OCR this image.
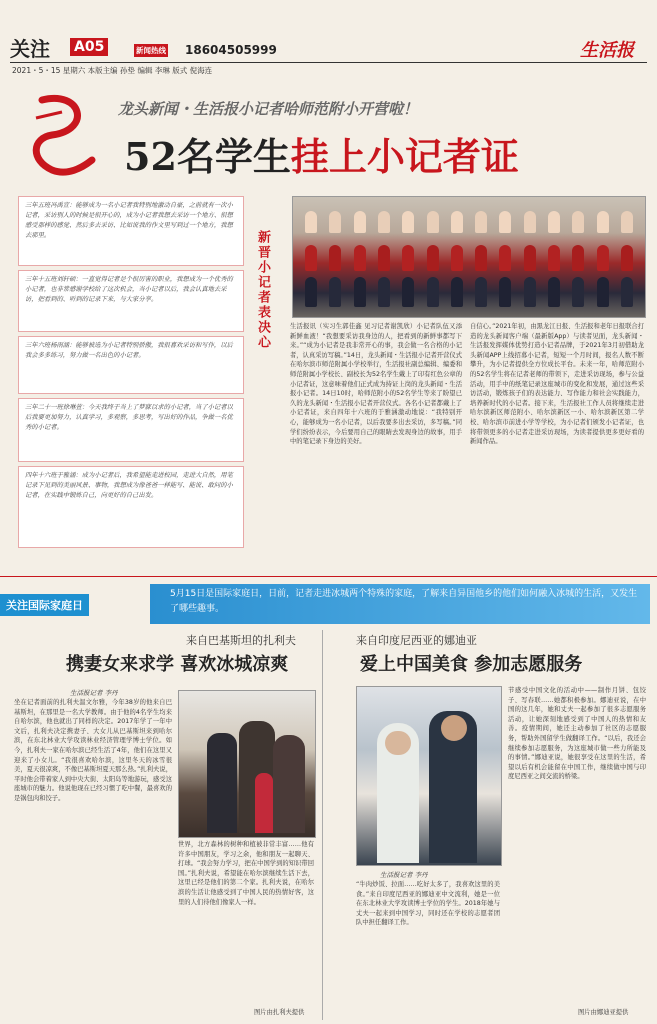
关注 A05	新闻热线 18604505999	生活报
2021・5・15 星期六 本版主编 孙垫 编辑 李琳 版式 倪海连
龙头新闻・生活报小记者哈师范附小开营啦！
52名学生挂上小记者证
三年五班冯禹宣：能够成为一名小记者我特别地激动自豪，之前就有一次小记者，采访别人的时候是很开心的，成为小记者我想去采访一个地方、很想感受那样的感觉、然后多去采访、比如说我的作文里写到过一个地方，我想去那里。
三年十五班刘轩硕：一直觉得记者是个很厉害的职业，我想成为一个优秀的小记者，也非常感谢学校给了这次机会，当小记者以后，我会认真地去采访，把看到的、听到的记录下来，与大家分享。
三年六班杨雨涵：能够被选为小记者特别骄傲，我很喜欢采访和写作，以后我会多多练习，努力做一名出色的小记者。
三年二十一班徐琳萱：今天我终于当上了梦寐以求的小记者，当了小记者以后我要更加努力，认真学习，多观察，多思考，写出好的作品，争做一名优秀的小记者。
四年十六班于雅涵：成为小记者后，我希望能走进校园，走进大自然，用笔记录下见到的美丽风景、事物，我想成为像爸爸一样能写、能说、敢问的小记者，在实践中锻炼自己，向更好的自己出发。
新晋小记者表决心	生活报讯（实习生郭佳鑫 见习记者谢凯欣）小记者队伍又添新鲜血液！“我想要采访我身边的人，把看到的新鲜事都写下来。”“成为小记者是我非常开心的事，我会做一名合格的小记者，认真采访写稿。”14日，龙头新闻・生活报小记者开营仪式在哈尔滨市师范附属小学校举行，生活报社副总编辑、编委和师范附属小学校长、副校长为52名学生戴上了印有红色公章的小记者证，这意味着他们正式成为持证上岗的龙头新闻・生活报小记者。14日10时，哈师范附小的52名学生等来了盼望已久的龙头新闻・生活报小记者开营仪式。各名小记者都戴上了小记者证，来自四年十六班的于雅涵激动地说：“我特别开心，能够成为一名小记者，以后我要多出去采访，多写稿。”同学们纷纷表示，今后要用自己的眼睛去发现身边的故事，用手中的笔记录下身边的美好。
自信心。”2021年初，由黑龙江日报、生活报和老年日报联合打造的龙头新闻客户端（最新版App）与读者见面，龙头新闻・生活报发挥媒体优势打造小记者品牌，于2021年3月初借助龙头新闻APP上线招募小记者，短短一个月时间，报名人数不断攀升，为小记者提供全方位成长平台。未来一年，哈师范附小的52名学生将在记者老师的带领下，走进采访现场，参与公益活动，用手中的纸笔记录这座城市的变化和发展，通过这些采访活动，锻炼孩子们的表达能力、写作能力和社会实践能力，培养新时代的小记者。接下来，生活报社工作人员将继续走进哈尔滨新区师范附小、哈尔滨新区一小、哈尔滨新区第二学校、哈尔滨市前进小学等学校，为小记者们颁发小记者证，也将带领更多的小记者走进采访现场，为读者提供更多更好看的新闻作品。
关注国际家庭日
5月15日是国际家庭日，日前，记者走进冰城两个特殊的家庭，了解来自异国他乡的他们如何融入冰城的生活，又发生了哪些趣事。
来自巴基斯坦的扎利夫
携妻女来求学 喜欢冰城凉爽
生活报记者 李丹
坐在记者面前的扎利夫温文尔雅，今年38岁的他来自巴基斯坦，在那里是一名大学教师。由于他的4名学生均来自哈尔滨，他也就出了同样的决定。2017年学了一年中文后，扎利夫决定携妻子、大女儿从巴基斯坦来到哈尔滨，在东北林业大学攻读林业经济管理学博士学位。如今，扎利夫一家在哈尔滨已经生活了4年，他们在这里又迎来了小女儿。“我很喜欢哈尔滨，这里冬天的冰雪很美，夏天很凉爽，不像巴基斯坦夏天那么热。”扎利夫说，平时他会带着家人到中央大街、太阳岛等地游玩，感受这座城市的魅力。他说他现在已经习惯了吃中餐，最喜欢的是锅包肉和饺子。
世界，北方森林的树种和植被非常丰富……他有许多中国朋友，学习之余，他和朋友一起聊天、打球。“我会努力学习，把在中国学到的知识带回国。”扎利夫说，希望能在哈尔滨继续生活下去，这里已经是他们的第二个家。扎利夫说，在哈尔滨的生活让他感受到了中国人民的热情好客，这里的人们待他们像家人一样。
图片由扎利夫提供
来自印度尼西亚的娜迪亚
爱上中国美食 参加志愿服务
生活报记者 李丹
“牛肉炒饭、拉面……吃好太多了，我喜欢这里的美食。”来自印度尼西亚的娜迪亚中文流利，她是一位在东北林业大学攻读博士学位的学生。2018年她与丈夫一起来到中国学习，同时还在学校的志愿者团队中担任翻译工作。
节感受中国文化的活动中——制作月饼、包饺子、写春联……她都积极参加。娜迪亚说，在中国的这几年，她和丈夫一起参加了很多志愿服务活动，让她深刻地感受到了中国人的热情和友善。疫情期间，她还主动参加了社区的志愿服务，帮助外国留学生做翻译工作。“以后，我还会继续参加志愿服务，为这座城市做一些力所能及的事情。”娜迪亚说，她很享受在这里的生活，希望以后有机会能留在中国工作，继续做中国与印度尼西亚之间交流的桥梁。
图片由娜迪亚提供
